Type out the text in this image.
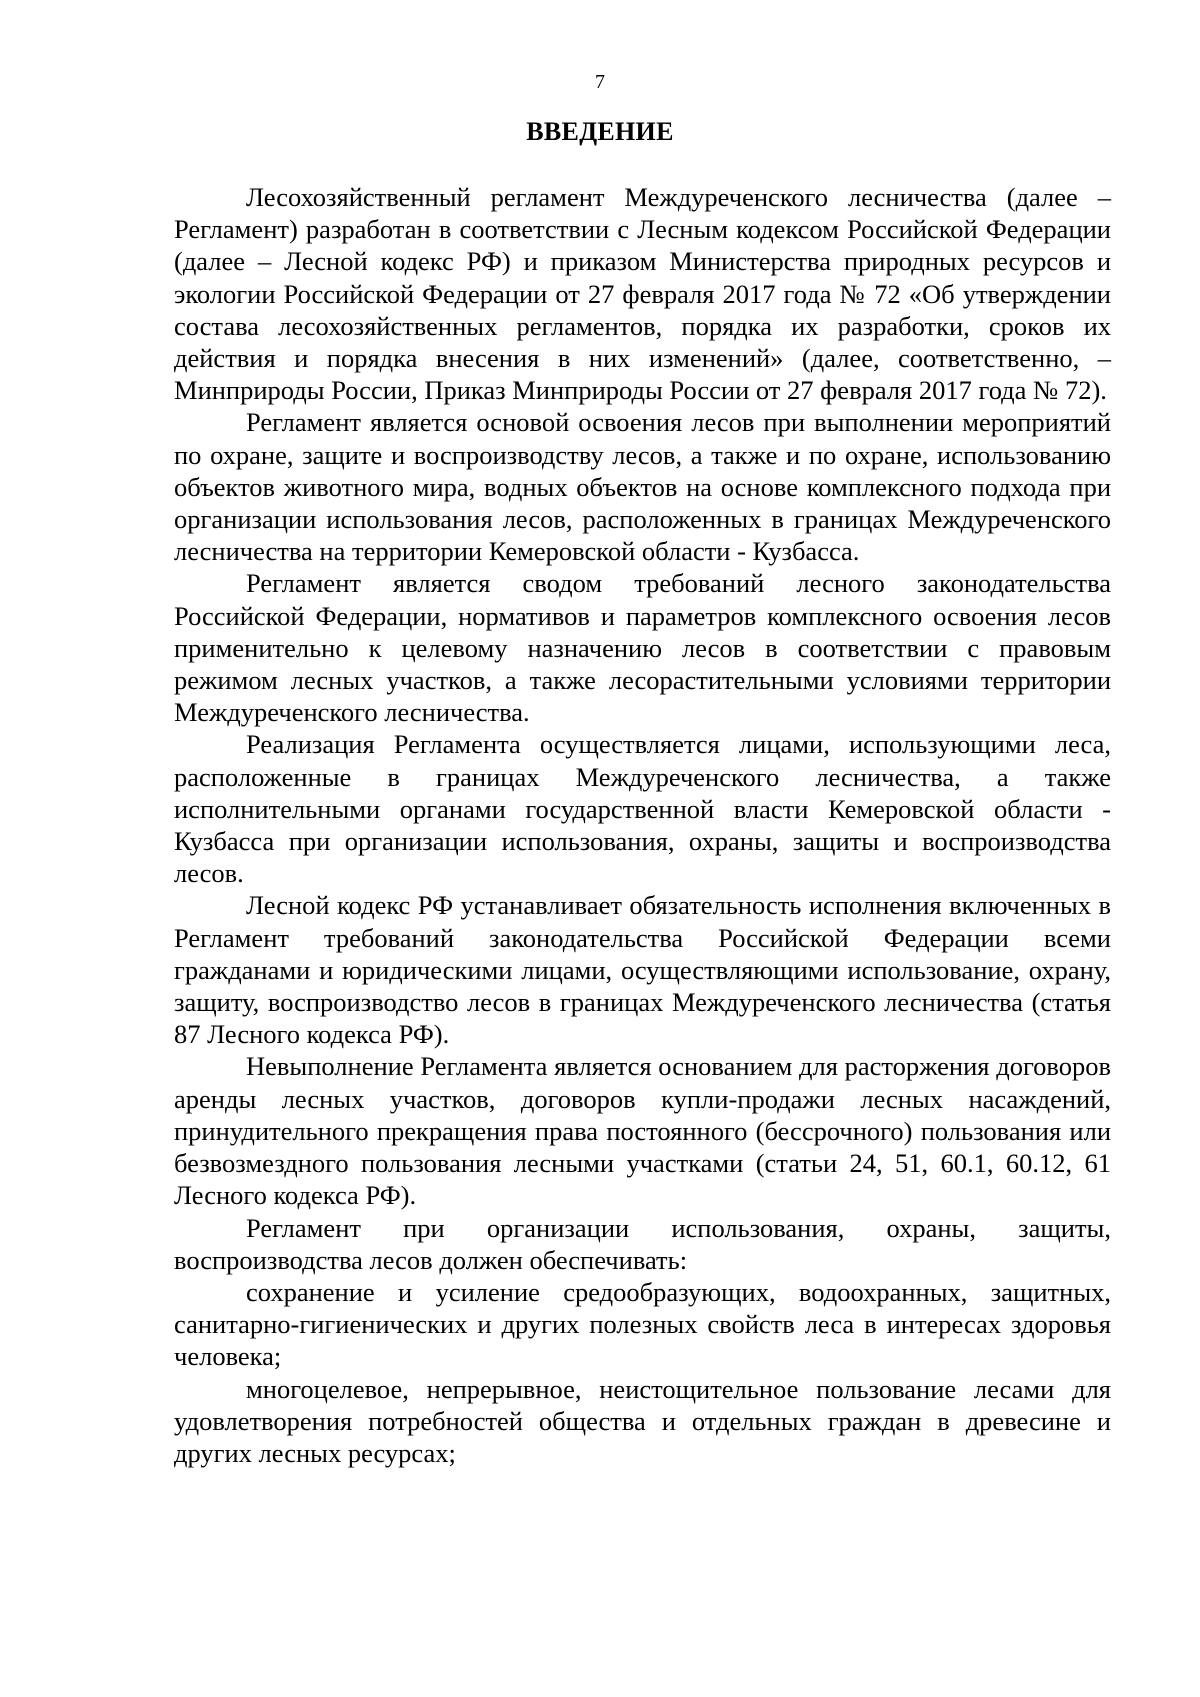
7
ВВЕДЕНИЕ

Лесохозяйственный регламент Междуреченского лесничества (далее – Регламент) разработан в соответствии с Лесным кодексом Российской Федерации (далее – Лесной кодекс РФ) и приказом Министерства природных ресурсов и экологии Российской Федерации от 27 февраля 2017 года № 72 «Об утверждении состава лесохозяйственных регламентов, порядка их разработки, сроков их действия и порядка внесения в них изменений» (далее, соответственно, – Минприроды России, Приказ Минприроды России от 27 февраля 2017 года № 72).

Регламент является основой освоения лесов при выполнении мероприятий по охране, защите и воспроизводству лесов, а также и по охране, использованию объектов животного мира, водных объектов на основе комплексного подхода при организации использования лесов, расположенных в границах Междуреченского лесничества на территории Кемеровской области - Кузбасса.

Регламент является сводом требований лесного законодательства Российской Федерации, нормативов и параметров комплексного освоения лесов применительно к целевому назначению лесов в соответствии с правовым режимом лесных участков, а также лесорастительными условиями территории Междуреченского лесничества.

Реализация Регламента осуществляется лицами, использующими леса, расположенные в границах Междуреченского лесничества, а также исполнительными органами государственной власти Кемеровской области - Кузбасса при организации использования, охраны, защиты и воспроизводства лесов.

Лесной кодекс РФ устанавливает обязательность исполнения включенных в Регламент требований законодательства Российской Федерации всеми гражданами и юридическими лицами, осуществляющими использование, охрану, защиту, воспроизводство лесов в границах Междуреченского лесничества (статья 87 Лесного кодекса РФ).

Невыполнение Регламента является основанием для расторжения договоров аренды лесных участков, договоров купли-продажи лесных насаждений, принудительного прекращения права постоянного (бессрочного) пользования или безвозмездного пользования лесными участками (статьи 24, 51, 60.1, 60.12, 61 Лесного кодекса РФ).

Регламент при организации использования, охраны, защиты, воспроизводства лесов должен обеспечивать:

сохранение и усиление средообразующих, водоохранных, защитных, санитарно-гигиенических и других полезных свойств леса в интересах здоровья человека;

многоцелевое, непрерывное, неистощительное пользование лесами для удовлетворения потребностей общества и отдельных граждан в древесине и других лесных ресурсах;
